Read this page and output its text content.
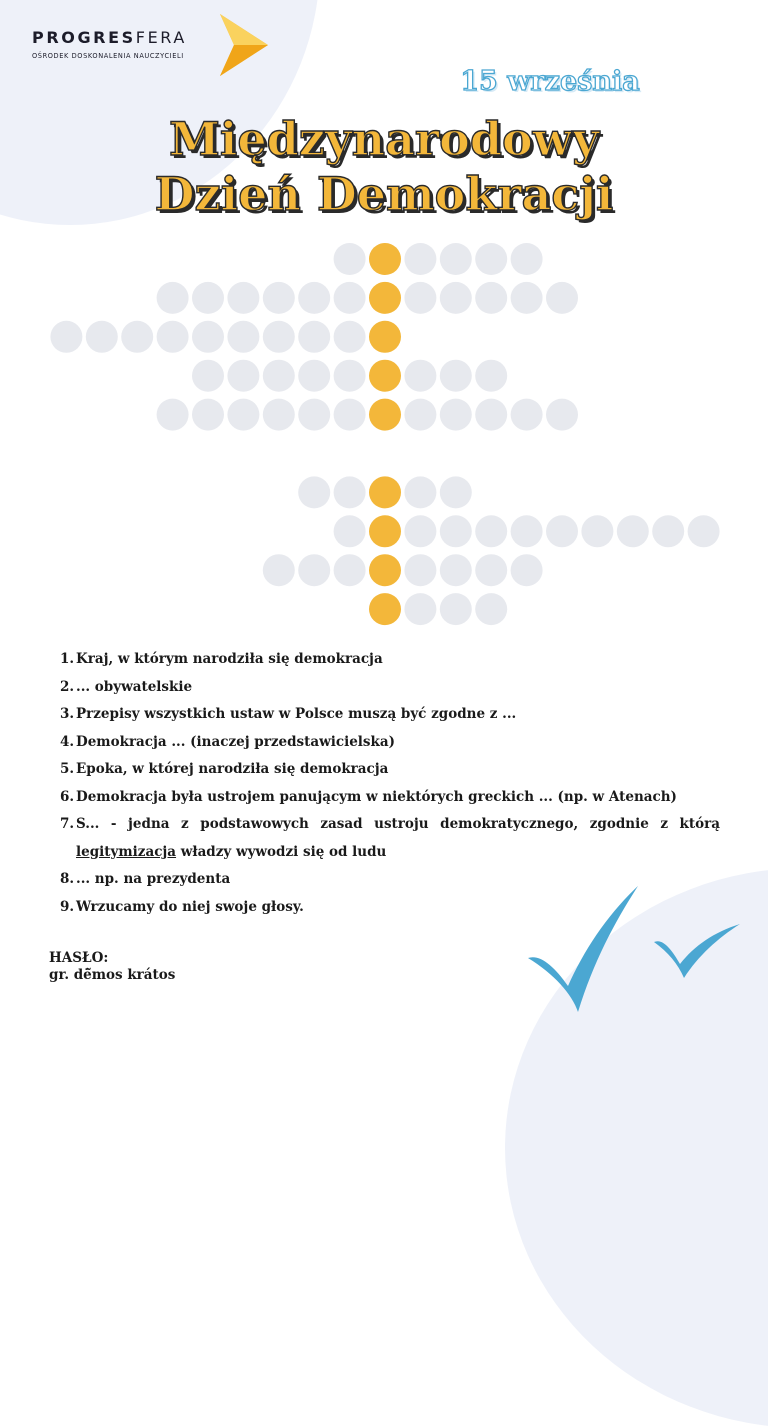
PROGRESFERA
OŚRODEK DOSKONALENIA NAUCZYCIELI
15 września
Międzynarodowy
Dzień Demokracji
1. Kraj, w którym narodziła się demokracja
2. ... obywatelskie
3. Przepisy wszystkich ustaw w Polsce muszą być zgodne z ...
4. Demokracja ... (inaczej przedstawicielska)
5. Epoka, w której narodziła się demokracja
6. Demokracja była ustrojem panującym w niektórych greckich ... (np. w Atenach)
7. S... - jedna z podstawowych zasad ustroju demokratycznego, zgodnie z którą legitymizacja władzy wywodzi się od ludu
8. ... np. na prezydenta
9. Wrzucamy do niej swoje głosy.
HASŁO:
gr. dē̃mos krátos
